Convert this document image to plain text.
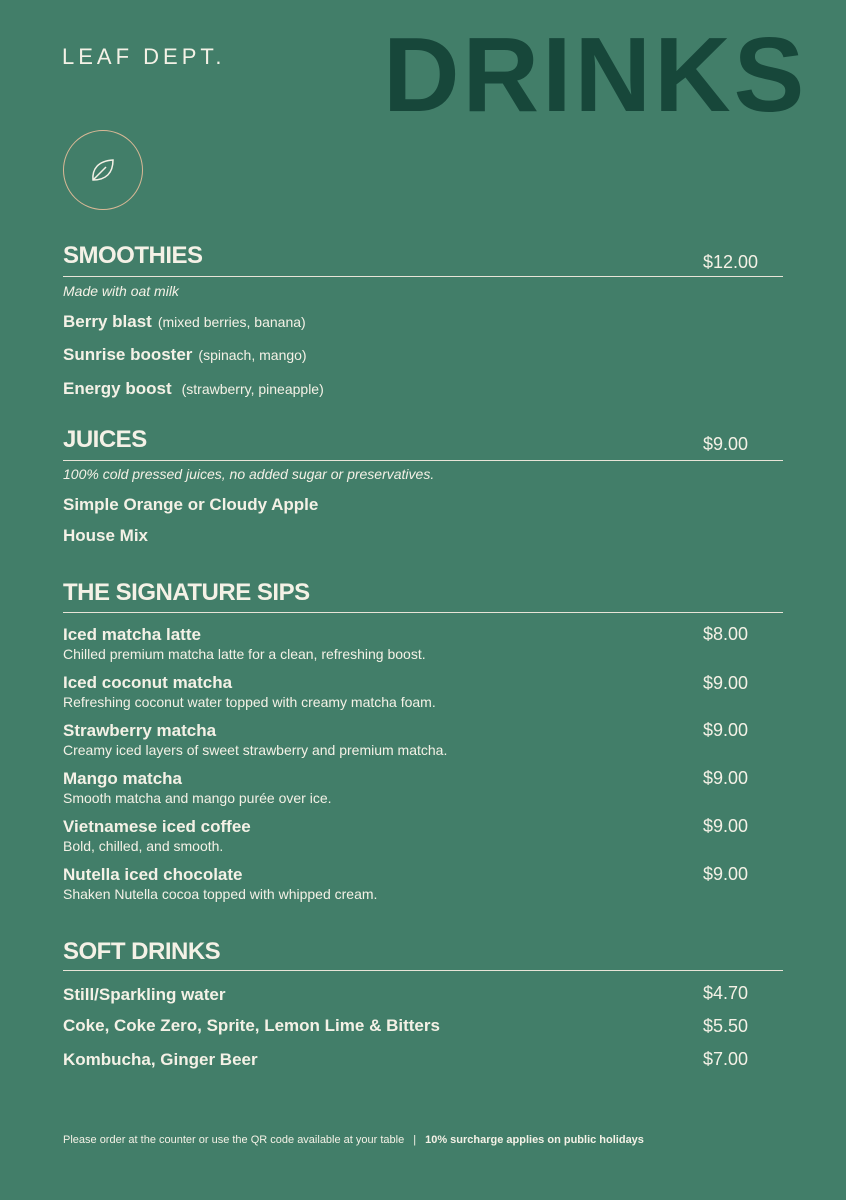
LEAF DEPT. DRINKS
SMOOTHIES	$12.00
Made with oat milk
Berry blast (mixed berries, banana)
Sunrise booster (spinach, mango)
Energy boost (strawberry, pineapple)
JUICES	$9.00
100% cold pressed juices, no added sugar or preservatives.
Simple Orange or Cloudy Apple
House Mix
THE SIGNATURE SIPS
Iced matcha latte
Chilled premium matcha latte for a clean, refreshing boost.
$8.00
Iced coconut matcha
Refreshing coconut water topped with creamy matcha foam.
$9.00
Strawberry matcha
Creamy iced layers of sweet strawberry and premium matcha.
$9.00
Mango matcha
Smooth matcha and mango purée over ice.
$9.00
Vietnamese iced coffee
Bold, chilled, and smooth.
$9.00
Nutella iced chocolate
Shaken Nutella cocoa topped with whipped cream.
$9.00
SOFT DRINKS
Still/Sparkling water	$4.70
Coke, Coke Zero, Sprite, Lemon Lime & Bitters	$5.50
Kombucha, Ginger Beer	$7.00
Please order at the counter or use the QR code available at your table | 10% surcharge applies on public holidays
